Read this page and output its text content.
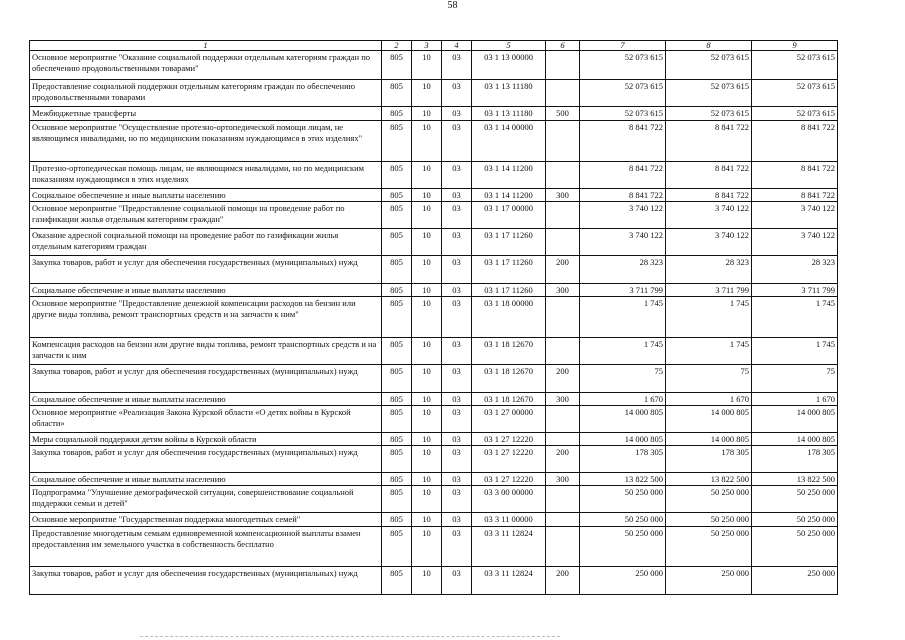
58
1	2	3	4	5	6	7	8	9
Основное мероприятие "Оказание социальной поддержки отдельным категориям граждан по обеспечению продовольственными товарами"	805	10	03	03 1 13 00000		52 073 615	52 073 615	52 073 615
Предоставление социальной поддержки отдельным категориям граждан по обеспечению продовольственными товарами	805	10	03	03 1 13 11180		52 073 615	52 073 615	52 073 615
Межбюджетные трансферты	805	10	03	03 1 13 11180	500	52 073 615	52 073 615	52 073 615
Основное мероприятие "Осуществление протезно-ортопедической помощи лицам, не являющимся инвалидами, но по медицинским показаниям нуждающимся в этих изделиях"	805	10	03	03 1 14 00000		8 841 722	8 841 722	8 841 722
Протезно-ортопедическая помощь лицам, не являющимся инвалидами, но по медицинским показаниям нуждающимся в этих изделиях	805	10	03	03 1 14 11200		8 841 722	8 841 722	8 841 722
Социальное обеспечение и иные выплаты населению	805	10	03	03 1 14 11200	300	8 841 722	8 841 722	8 841 722
Основное мероприятие "Предоставление социальной помощи на проведение работ по газификации жилья отдельным категориям граждан"	805	10	03	03 1 17 00000		3 740 122	3 740 122	3 740 122
Оказание адресной социальной помощи на проведение работ по газификации жилья отдельным категориям граждан	805	10	03	03 1 17 11260		3 740 122	3 740 122	3 740 122
Закупка товаров, работ и услуг для обеспечения государственных (муниципальных) нужд	805	10	03	03 1 17 11260	200	28 323	28 323	28 323
Социальное обеспечение и иные выплаты населению	805	10	03	03 1 17 11260	300	3 711 799	3 711 799	3 711 799
Основное мероприятие "Предоставление денежной компенсации расходов на бензин или другие виды топлива, ремонт транспортных средств и на запчасти к ним"	805	10	03	03 1 18 00000		1 745	1 745	1 745
Компенсация расходов на бензин или другие виды топлива, ремонт транспортных средств и на запчасти к ним	805	10	03	03 1 18 12670		1 745	1 745	1 745
Закупка товаров, работ и услуг для обеспечения государственных (муниципальных) нужд	805	10	03	03 1 18 12670	200	75	75	75
Социальное обеспечение и иные выплаты населению	805	10	03	03 1 18 12670	300	1 670	1 670	1 670
Основное мероприятие «Реализация Закона Курской области «О детях войны в Курской области»	805	10	03	03 1 27 00000		14 000 805	14 000 805	14 000 805
Меры социальной поддержки детям войны в Курской области	805	10	03	03 1 27 12220		14 000 805	14 000 805	14 000 805
Закупка товаров, работ и услуг для обеспечения государственных (муниципальных) нужд	805	10	03	03 1 27 12220	200	178 305	178 305	178 305
Социальное обеспечение и иные выплаты населению	805	10	03	03 1 27 12220	300	13 822 500	13 822 500	13 822 500
Подпрограмма "Улучшение демографической ситуации, совершенствование социальной поддержки семьи и детей"	805	10	03	03 3 00 00000		50 250 000	50 250 000	50 250 000
Основное мероприятие "Государственная поддержка многодетных семей"	805	10	03	03 3 11 00000		50 250 000	50 250 000	50 250 000
Предоставление многодетным семьям единовременной компенсационной выплаты взамен предоставления им земельного участка в собственность бесплатно	805	10	03	03 3 11 12824		50 250 000	50 250 000	50 250 000
Закупка товаров, работ и услуг для обеспечения государственных (муниципальных) нужд	805	10	03	03 3 11 12824	200	250 000	250 000	250 000
